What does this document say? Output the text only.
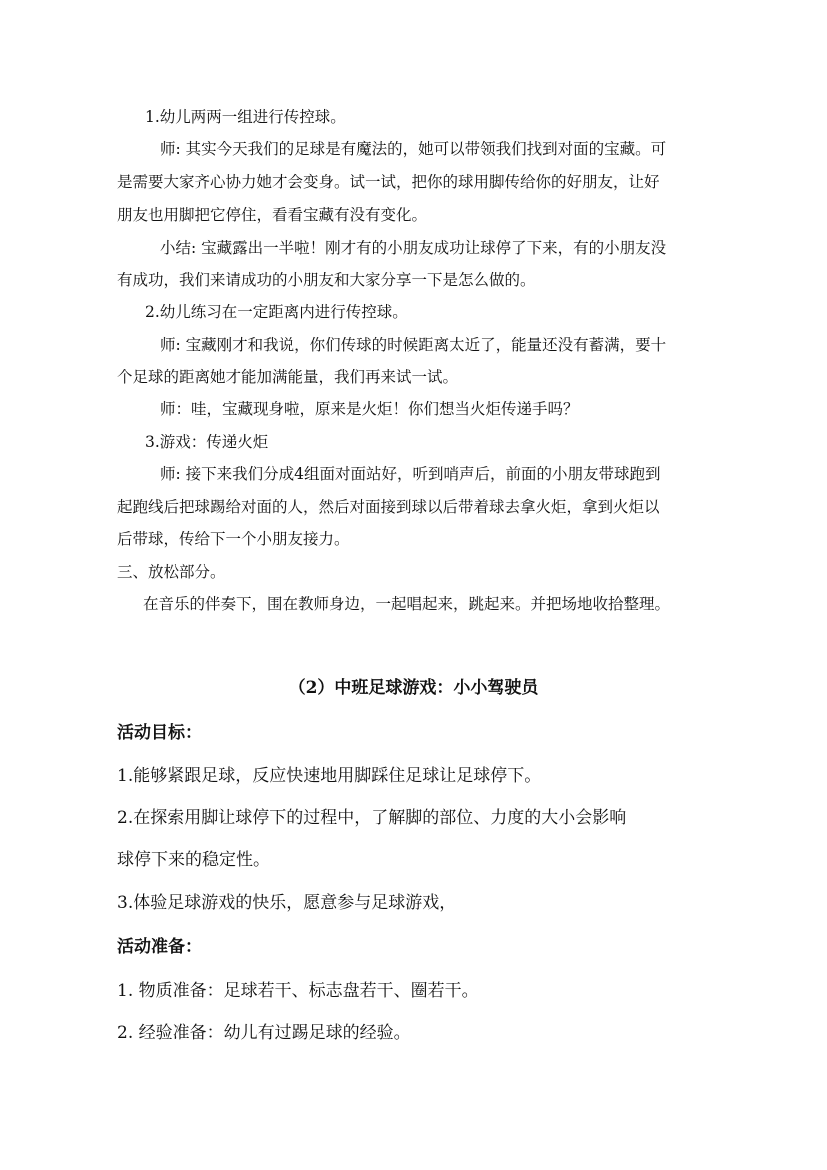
1.幼儿两两一组进行传控球。
师: 其实今天我们的足球是有魔法的，她可以带领我们找到对面的宝藏。可
是需要大家齐心协力她才会变身。试一试，把你的球用脚传给你的好朋友，让好
朋友也用脚把它停住，看看宝藏有没有变化。
小结: 宝藏露出一半啦！刚才有的小朋友成功让球停了下来，有的小朋友没
有成功，我们来请成功的小朋友和大家分享一下是怎么做的。
2.幼儿练习在一定距离内进行传控球。
师: 宝藏刚才和我说，你们传球的时候距离太近了，能量还没有蓄满，要十
个足球的距离她才能加满能量，我们再来试一试。
师：哇，宝藏现身啦，原来是火炬！你们想当火炬传递手吗？
3.游戏：传递火炬
师: 接下来我们分成4组面对面站好，听到哨声后，前面的小朋友带球跑到
起跑线后把球踢给对面的人，然后对面接到球以后带着球去拿火炬，拿到火炬以
后带球，传给下一个小朋友接力。
三、放松部分。
在音乐的伴奏下，围在教师身边，一起唱起来，跳起来。并把场地收拾整理。
（2）中班足球游戏：小小驾驶员
活动目标：
1.能够紧跟足球，反应快速地用脚踩住足球让足球停下。
2.在探索用脚让球停下的过程中，了解脚的部位、力度的大小会影响
球停下来的稳定性。
3.体验足球游戏的快乐，愿意参与足球游戏，
活动准备：
1. 物质准备：足球若干、标志盘若干、圈若干。
2. 经验准备：幼儿有过踢足球的经验。
